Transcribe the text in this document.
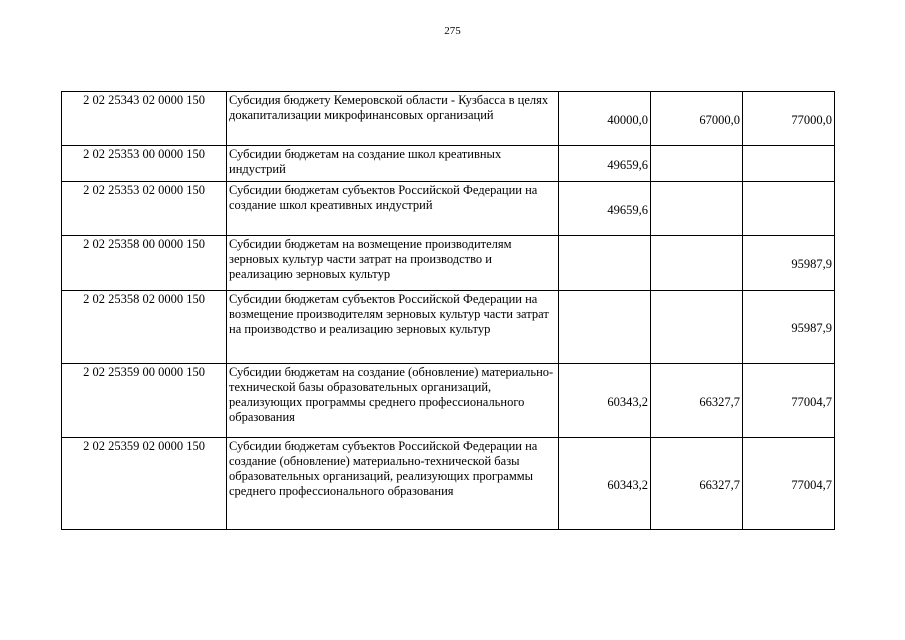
275
2 02 25343 02 0000 150	Субсидия бюджету Кемеровской области - Кузбасса в целях докапитализации микрофинансовых организаций	40000,0	67000,0	77000,0
2 02 25353 00 0000 150	Субсидии бюджетам на создание школ креативных индустрий	49659,6		
2 02 25353 02 0000 150	Субсидии бюджетам субъектов Российской Федерации на создание школ креативных индустрий	49659,6		
2 02 25358 00 0000 150	Субсидии бюджетам на возмещение производителям зерновых культур части затрат на производство и реализацию зерновых культур			95987,9
2 02 25358 02 0000 150	Субсидии бюджетам субъектов Российской Федерации на возмещение производителям зерновых культур части затрат на производство и реализацию зерновых культур			95987,9
2 02 25359 00 0000 150	Субсидии бюджетам на создание (обновление) материально-технической базы образовательных организаций, реализующих программы среднего профессионального образования	60343,2	66327,7	77004,7
2 02 25359 02 0000 150	Субсидии бюджетам субъектов Российской Федерации на создание (обновление) материально-технической базы образовательных организаций, реализующих программы среднего профессионального образования	60343,2	66327,7	77004,7
